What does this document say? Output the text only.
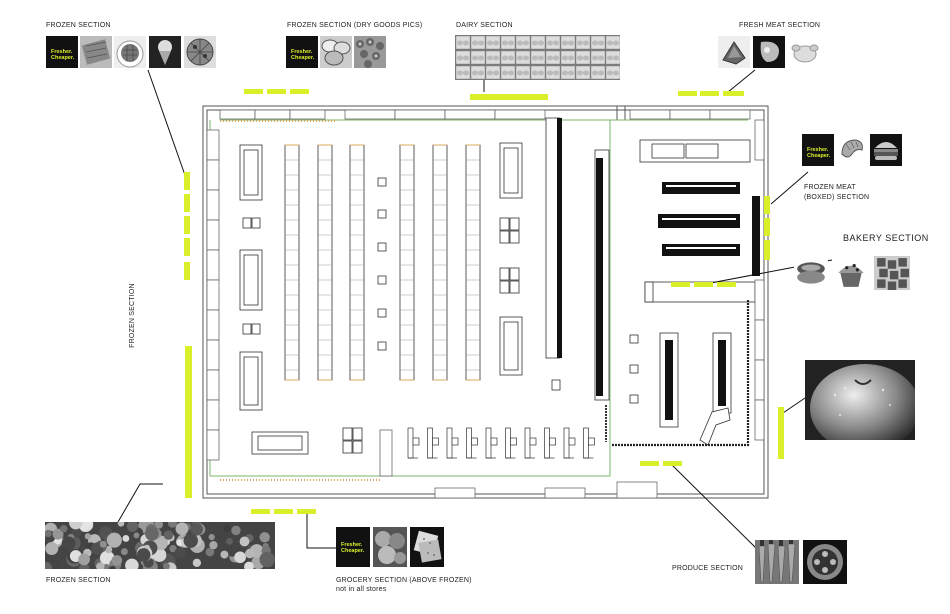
FROZEN SECTION	FROZEN SECTION (DRY GOODS PICS)	DAIRY SECTION	FRESH MEAT SECTION
FROZEN MEAT
(BOXED) SECTION
BAKERY SECTION
FROZEN SECTION
FROZEN SECTION	GROCERY SECTION (ABOVE FROZEN)
not in all stores
PRODUCE SECTION
Fresher.
Cheaper.
Fresher.
Cheaper.
Fresher.
Cheaper.
Fresher.
Cheaper.
